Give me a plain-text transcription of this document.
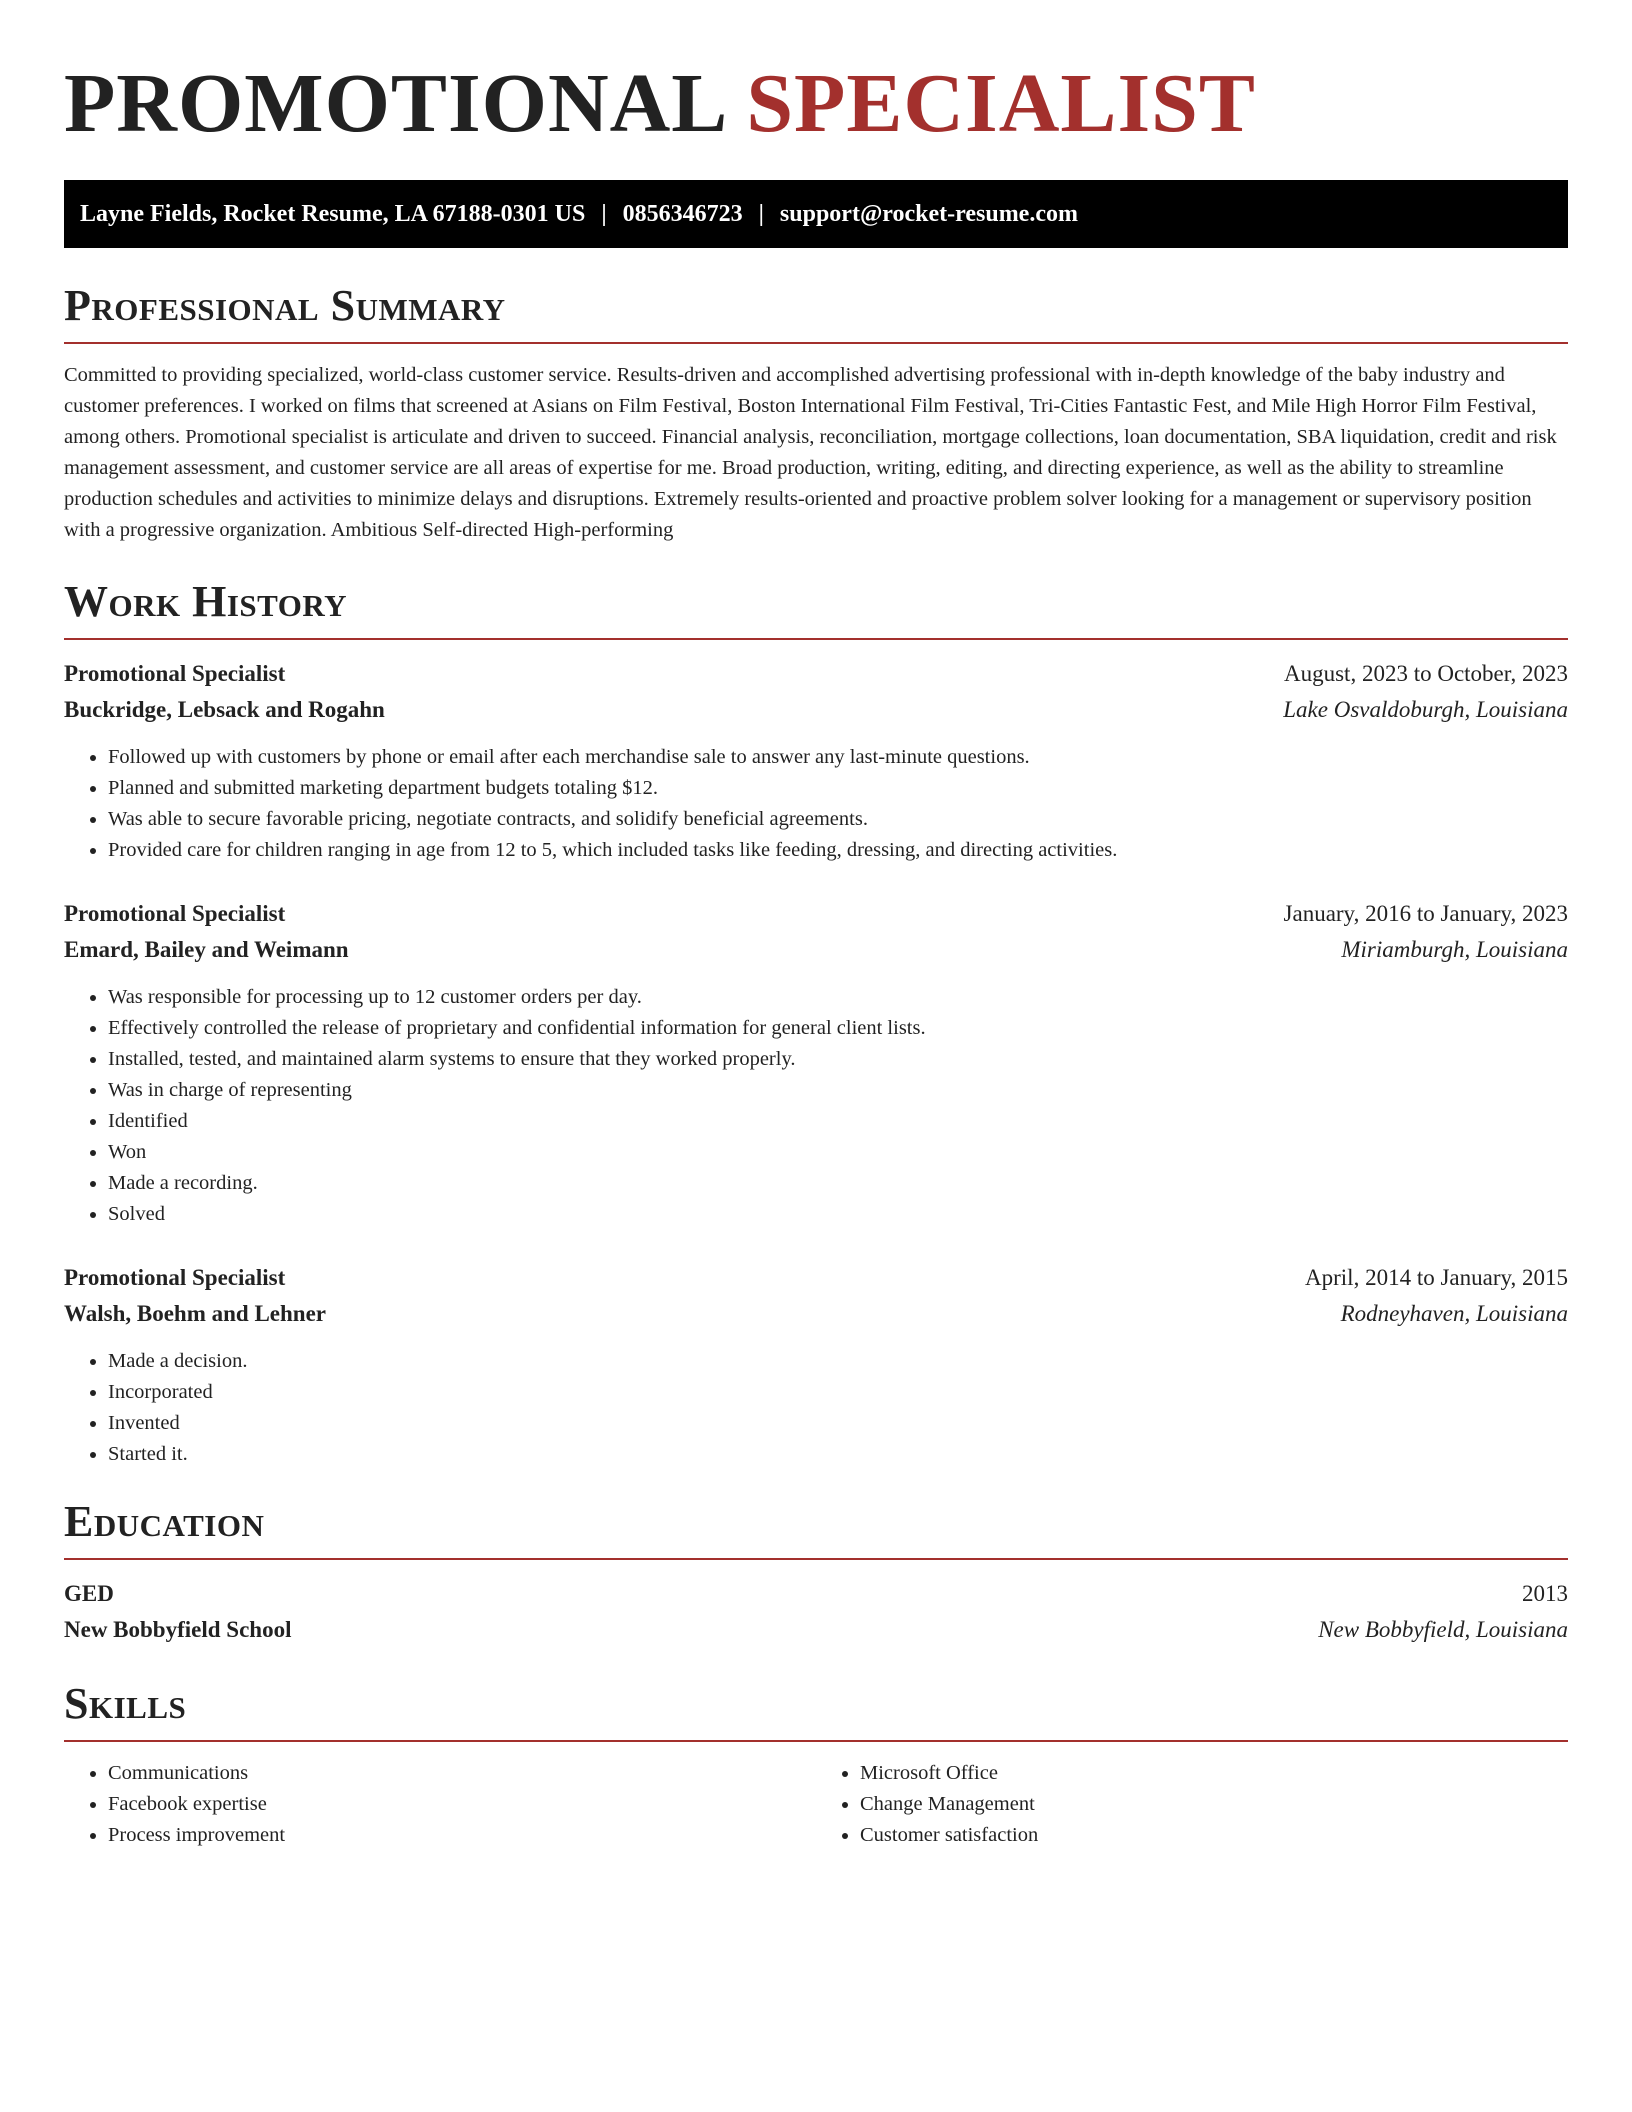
PROMOTIONAL SPECIALIST
Layne Fields, Rocket Resume, LA 67188-0301 US | 0856346723 | support@rocket-resume.com
Professional Summary

Committed to providing specialized, world-class customer service. Results-driven and accomplished advertising professional with in-depth knowledge of the baby industry and customer preferences. I worked on films that screened at Asians on Film Festival, Boston International Film Festival, Tri-Cities Fantastic Fest, and Mile High Horror Film Festival, among others. Promotional specialist is articulate and driven to succeed. Financial analysis, reconciliation, mortgage collections, loan documentation, SBA liquidation, credit and risk management assessment, and customer service are all areas of expertise for me. Broad production, writing, editing, and directing experience, as well as the ability to streamline production schedules and activities to minimize delays and disruptions. Extremely results-oriented and proactive problem solver looking for a management or supervisory position with a progressive organization. Ambitious Self-directed High-performing

Work History
Promotional Specialist	August, 2023 to October, 2023
Buckridge, Lebsack and Rogahn	Lake Osvaldoburgh, Louisiana
• Followed up with customers by phone or email after each merchandise sale to answer any last-minute questions.
• Planned and submitted marketing department budgets totaling $12.
• Was able to secure favorable pricing, negotiate contracts, and solidify beneficial agreements.
• Provided care for children ranging in age from 12 to 5, which included tasks like feeding, dressing, and directing activities.
Promotional Specialist	January, 2016 to January, 2023
Emard, Bailey and Weimann	Miriamburgh, Louisiana
• Was responsible for processing up to 12 customer orders per day.
• Effectively controlled the release of proprietary and confidential information for general client lists.
• Installed, tested, and maintained alarm systems to ensure that they worked properly.
• Was in charge of representing
• Identified
• Won
• Made a recording.
• Solved
Promotional Specialist	April, 2014 to January, 2015
Walsh, Boehm and Lehner	Rodneyhaven, Louisiana
• Made a decision.
• Incorporated
• Invented
• Started it.
Education
GED	2013
New Bobbyfield School	New Bobbyfield, Louisiana
Skills
• Communications
• Facebook expertise
• Process improvement
• Microsoft Office
• Change Management
• Customer satisfaction
